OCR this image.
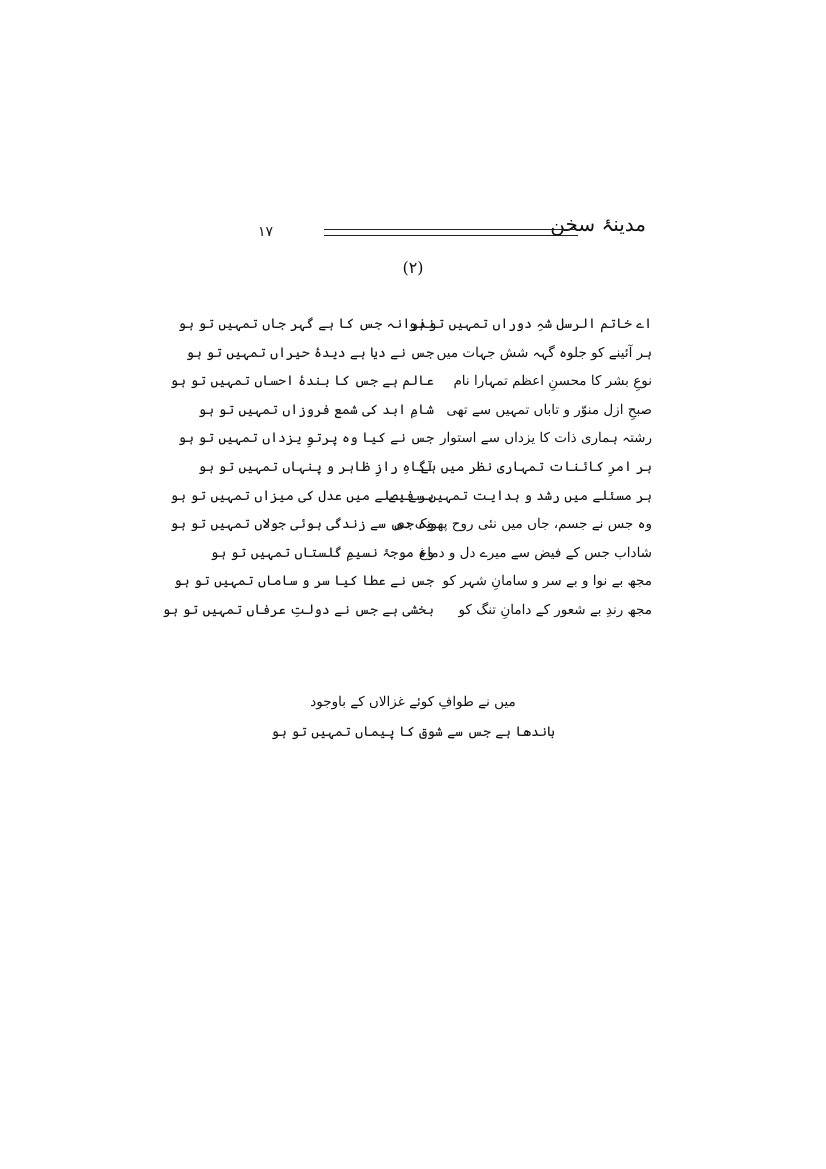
مدینۂ سخن
۱۷
(۲)
اے خاتم الرسل شہِ دوراں تمہیں تو ہو
نذرانہ جس کا ہے گہر جاں تمہیں تو ہو
ہر آئینے کو جلوہ گہہ شش جہات میں
جس نے دیا ہے دیدۂ حیراں تمہیں تو ہو
نوعِ بشر کا محسنِ اعظم تمہارا نام
عالم ہے جس کا بندۂ احساں تمہیں تو ہو
صبحِ ازل منوّر و تاباں تمہیں سے تھی
شامِ ابد کی شمع فروزاں تمہیں تو ہو
رشتہ ہماری ذات کا یزداں سے استوار
جس نے کیا وہ پرتوِ یزداں تمہیں تو ہو
ہر امرِ کائنات تمہاری نظر میں ہے
آگاہِ رازِ ظاہر و پنہاں تمہیں تو ہو
ہر مسئلے میں رشد و ہدایت تمہیں سے ہے
ہر فیصلے میں عدل کی میزاں تمہیں تو ہو
وہ جس نے جسم، جاں میں نئی روح پھونک دی
وہ جس سے زندگی ہوئی جولاں تمہیں تو ہو
شاداب جس کے فیض سے میرے دل و دماغ
وہ موجۂ نسیمِ گلستاں تمہیں تو ہو
مجھ بے نوا و بے سر و سامانِ شہر کو
جس نے عطا کیا سر و ساماں تمہیں تو ہو
مجھ رندِ بے شعور کے دامانِ تنگ کو
بخشی ہے جس نے دولتِ عرفاں تمہیں تو ہو
میں نے طوافِ کوئے غزالاں کے باوجود
باندھا ہے جس سے شوق کا پیماں تمہیں تو ہو
